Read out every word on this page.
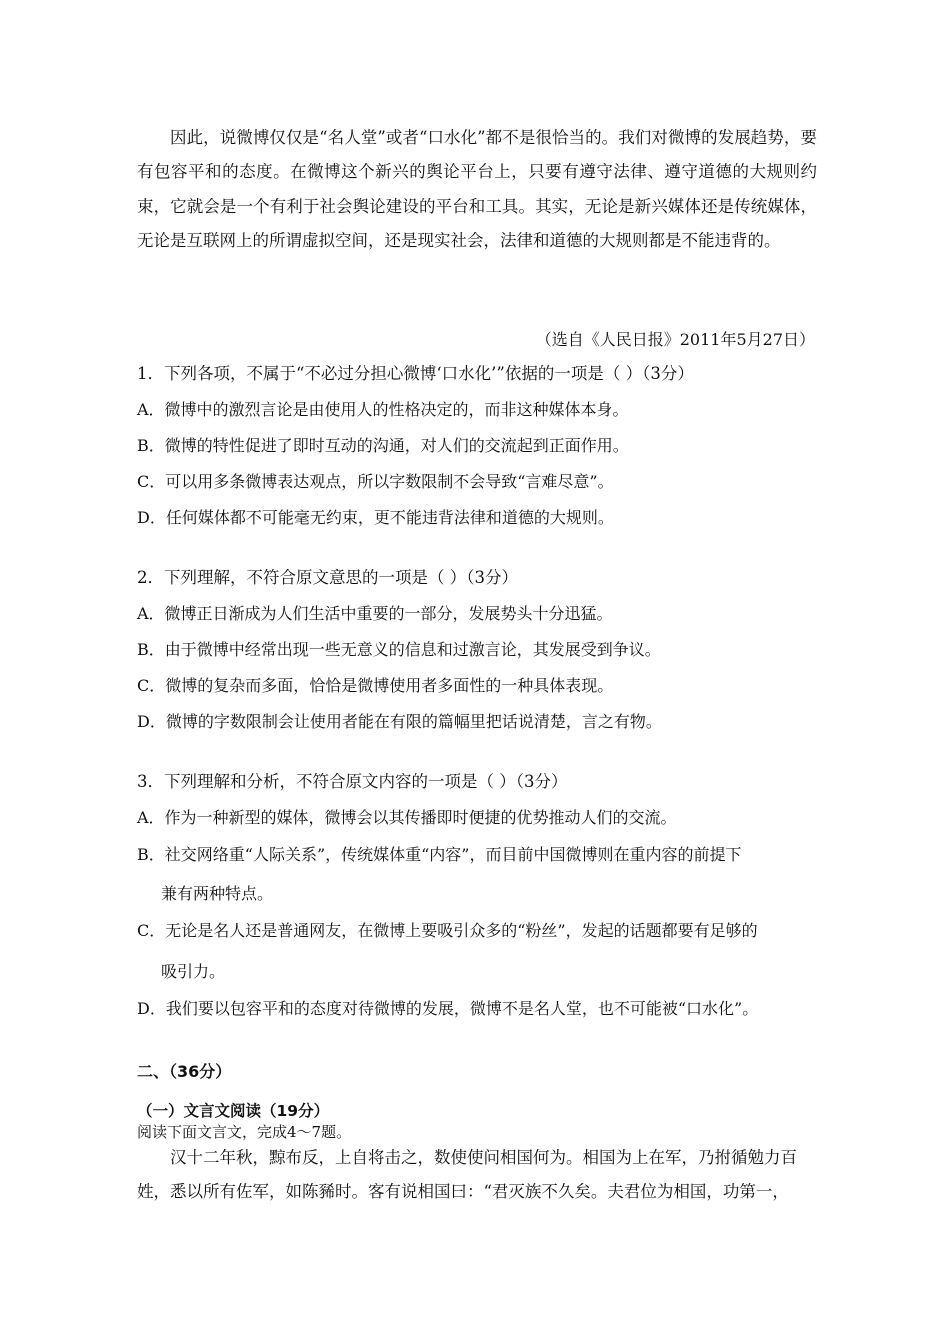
因此，说微博仅仅是“名人堂”或者“口水化”都不是很恰当的。我们对微博的发展趋势，要有包容平和的态度。在微博这个新兴的舆论平台上，只要有遵守法律、遵守道德的大规则约束，它就会是一个有利于社会舆论建设的平台和工具。其实，无论是新兴媒体还是传统媒体，无论是互联网上的所谓虚拟空间，还是现实社会，法律和道德的大规则都是不能违背的。
（选自《人民日报》2011年5月27日）
1．下列各项，不属于“不必过分担心微博‘口水化’”依据的一项是（ ）（3分）
A．微博中的激烈言论是由使用人的性格决定的，而非这种媒体本身。
B．微博的特性促进了即时互动的沟通，对人们的交流起到正面作用。
C．可以用多条微博表达观点，所以字数限制不会导致“言难尽意”。
D．任何媒体都不可能毫无约束，更不能违背法律和道德的大规则。
2．下列理解，不符合原文意思的一项是（ ）（3分）
A．微博正日渐成为人们生活中重要的一部分，发展势头十分迅猛。
B．由于微博中经常出现一些无意义的信息和过激言论，其发展受到争议。
C．微博的复杂而多面，恰恰是微博使用者多面性的一种具体表现。
D．微博的字数限制会让使用者能在有限的篇幅里把话说清楚，言之有物。
3．下列理解和分析，不符合原文内容的一项是（ ）（3分）
A．作为一种新型的媒体，微博会以其传播即时便捷的优势推动人们的交流。
B．社交网络重“人际关系”，传统媒体重“内容”，而目前中国微博则在重内容的前提下
兼有两种特点。
C．无论是名人还是普通网友，在微博上要吸引众多的“粉丝”，发起的话题都要有足够的
吸引力。
D．我们要以包容平和的态度对待微博的发展，微博不是名人堂，也不可能被“口水化”。
二、（36分）
（一）文言文阅读（19分）
阅读下面文言文，完成4～7题。
汉十二年秋，黥布反，上自将击之，数使使问相国何为。相国为上在军，乃拊循勉力百姓，悉以所有佐军，如陈豨时。客有说相国曰：“君灭族不久矣。夫君位为相国，功第一，
